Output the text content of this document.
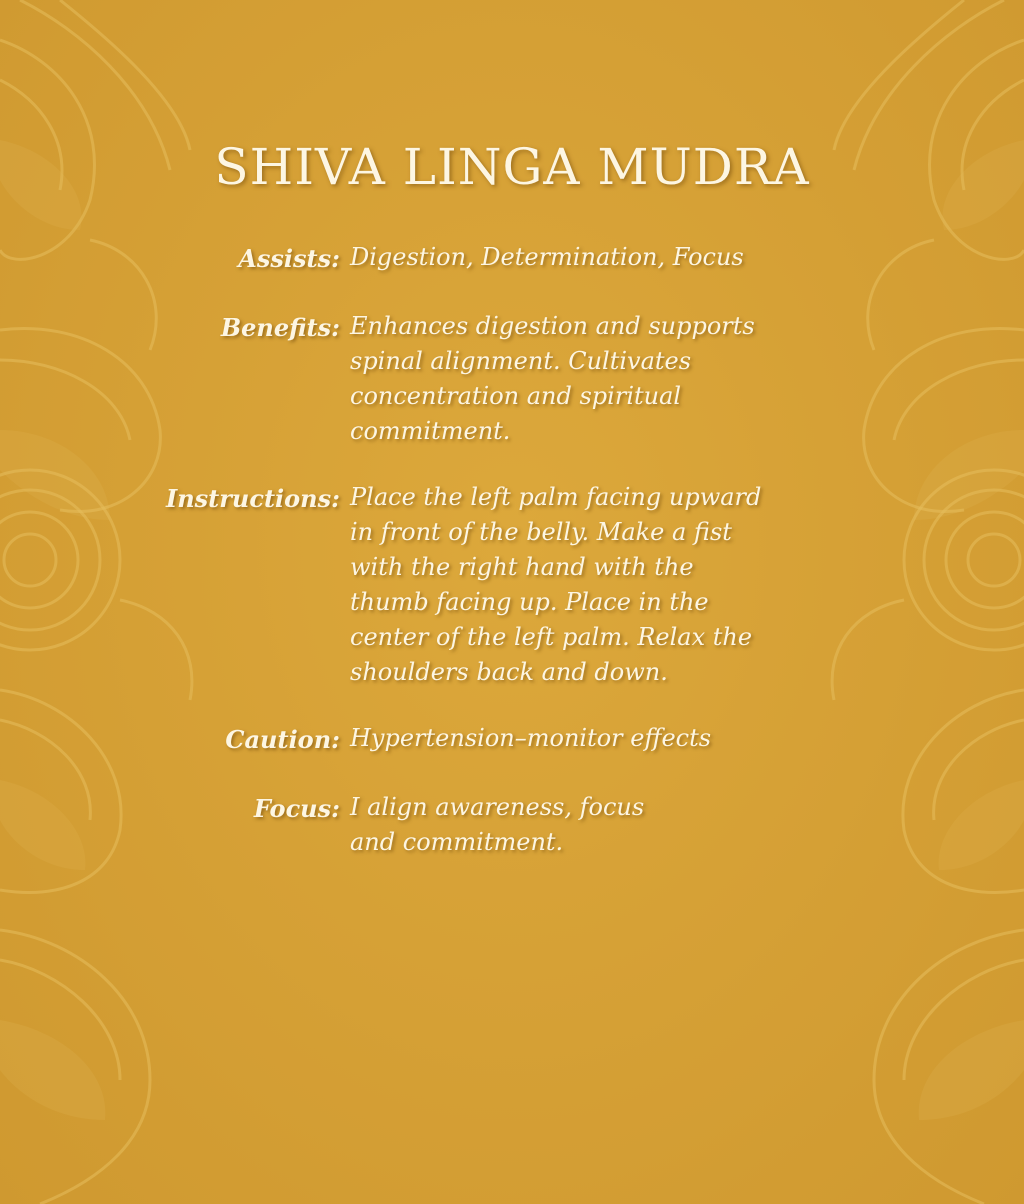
SHIVA LINGA MUDRA
Assists: Digestion, Determination, Focus
Benefits: Enhances digestion and supports
spinal alignment. Cultivates
concentration and spiritual
commitment.
Instructions: Place the left palm facing upward
in front of the belly. Make a fist
with the right hand with the
thumb facing up. Place in the
center of the left palm. Relax the
shoulders back and down.
Caution: Hypertension–monitor effects
Focus: I align awareness, focus
and commitment.
